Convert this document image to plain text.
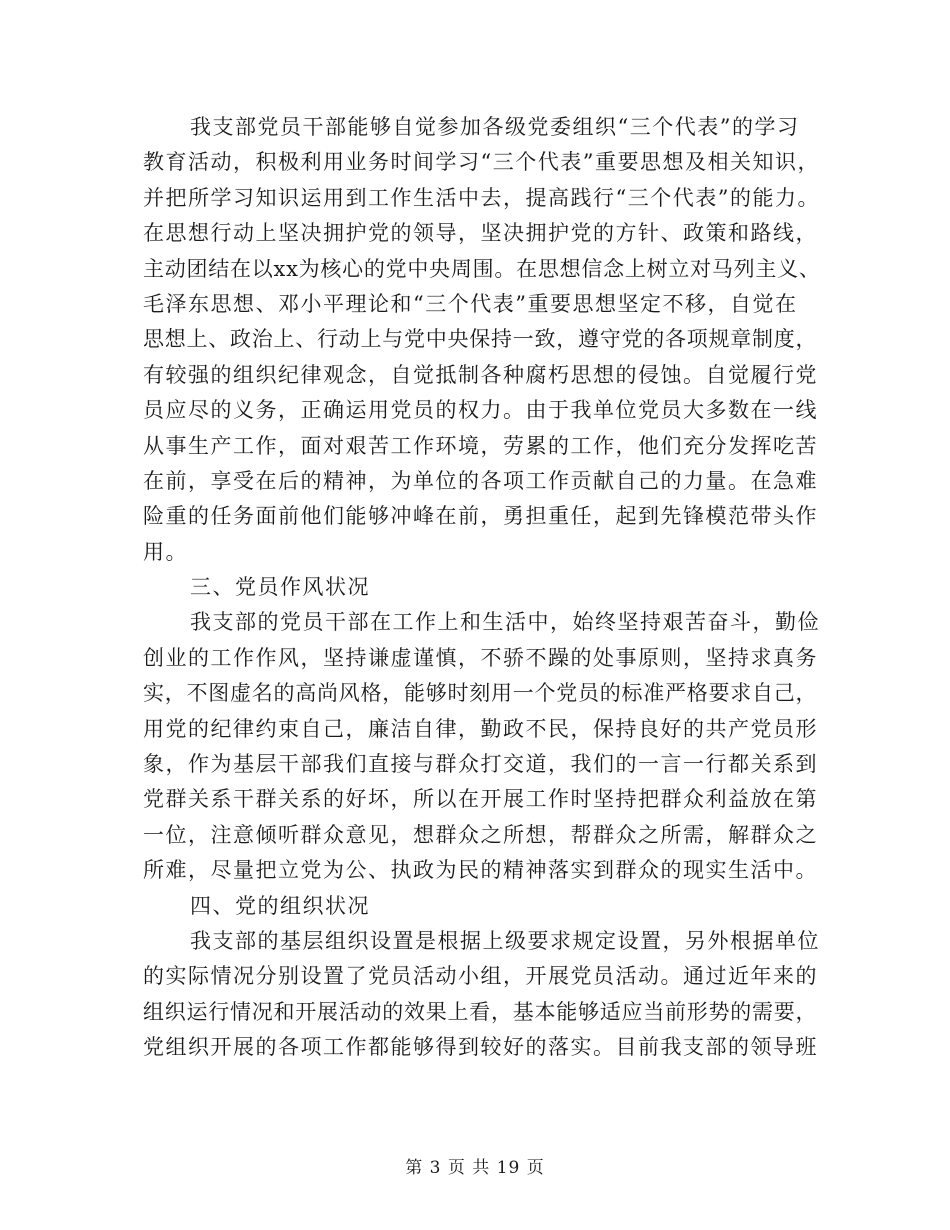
我支部党员干部能够自觉参加各级党委组织“三个代表”的学习
教育活动，积极利用业务时间学习“三个代表”重要思想及相关知识，
并把所学习知识运用到工作生活中去，提高践行“三个代表”的能力。
在思想行动上坚决拥护党的领导，坚决拥护党的方针、政策和路线，
主动团结在以xx为核心的党中央周围。在思想信念上树立对马列主义、
毛泽东思想、邓小平理论和“三个代表”重要思想坚定不移，自觉在
思想上、政治上、行动上与党中央保持一致，遵守党的各项规章制度，
有较强的组织纪律观念，自觉抵制各种腐朽思想的侵蚀。自觉履行党
员应尽的义务，正确运用党员的权力。由于我单位党员大多数在一线
从事生产工作，面对艰苦工作环境，劳累的工作，他们充分发挥吃苦
在前，享受在后的精神，为单位的各项工作贡献自己的力量。在急难
险重的任务面前他们能够冲峰在前，勇担重任，起到先锋模范带头作
用。
三、党员作风状况
我支部的党员干部在工作上和生活中，始终坚持艰苦奋斗，勤俭
创业的工作作风，坚持谦虚谨慎，不骄不躁的处事原则，坚持求真务
实，不图虚名的高尚风格，能够时刻用一个党员的标准严格要求自己，
用党的纪律约束自己，廉洁自律，勤政不民，保持良好的共产党员形
象，作为基层干部我们直接与群众打交道，我们的一言一行都关系到
党群关系干群关系的好坏，所以在开展工作时坚持把群众利益放在第
一位，注意倾听群众意见，想群众之所想，帮群众之所需，解群众之
所难，尽量把立党为公、执政为民的精神落实到群众的现实生活中。
四、党的组织状况
我支部的基层组织设置是根据上级要求规定设置，另外根据单位
的实际情况分别设置了党员活动小组，开展党员活动。通过近年来的
组织运行情况和开展活动的效果上看，基本能够适应当前形势的需要，
党组织开展的各项工作都能够得到较好的落实。目前我支部的领导班
第 3 页 共 19 页
